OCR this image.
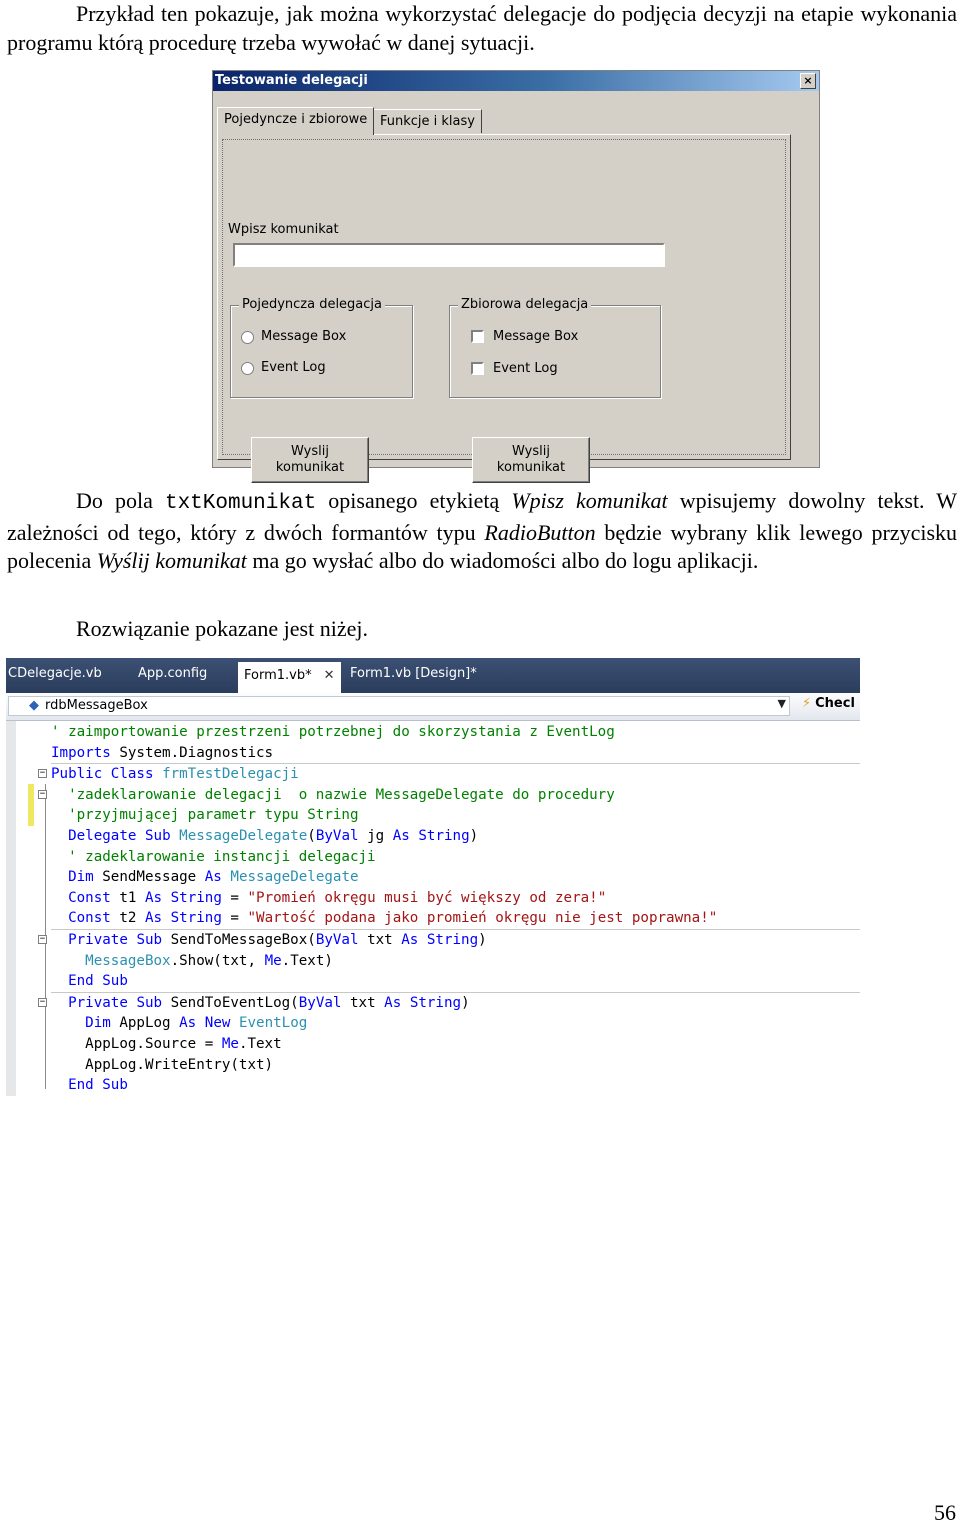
Przykład ten pokazuje, jak można wykorzystać delegacje do podjęcia decyzji na etapie wykonania programu którą procedurę trzeba wywołać w danej sytuacji.

Testowanie delegacji	×
Pojedyncze i zbiorowe Funkcje i klasy
Wpisz komunikat
Pojedyncza delegacja
Message Box
Event Log
Zbiorowa delegacja
Message Box
Event Log
Wyslij
komunikat
Wyslij
komunikat

Do pola txtKomunikat opisanego etykietą Wpisz komunikat wpisujemy dowolny tekst. W zależności od tego, który z dwóch formantów typu RadioButton będzie wybrany klik lewego przycisku polecenia Wyślij komunikat ma go wysłać albo do wiadomości albo do logu aplikacji.

Rozwiązanie pokazane jest niżej.

CDelegacje.vb	App.config	Form1.vb* ✕	Form1.vb [Design]*
◆ rdbMessageBox	▼ ⚡ Checl
' zaimportowanie przestrzeni potrzebnej do skorzystania z EventLog
Imports System.Diagnostics
− Public Class frmTestDelegacji
− 'zadeklarowanie delegacji  o nazwie MessageDelegate do procedury
'przyjmującej parametr typu String
Delegate Sub MessageDelegate(ByVal jg As String)
' zadeklarowanie instancji delegacji
Dim SendMessage As MessageDelegate
Const t1 As String = "Promień okręgu musi być większy od zera!"
Const t2 As String = "Wartość podana jako promień okręgu nie jest poprawna!"
− Private Sub SendToMessageBox(ByVal txt As String)
MessageBox.Show(txt, Me.Text)
End Sub
− Private Sub SendToEventLog(ByVal txt As String)
Dim AppLog As New EventLog
AppLog.Source = Me.Text
AppLog.WriteEntry(txt)
End Sub
56
